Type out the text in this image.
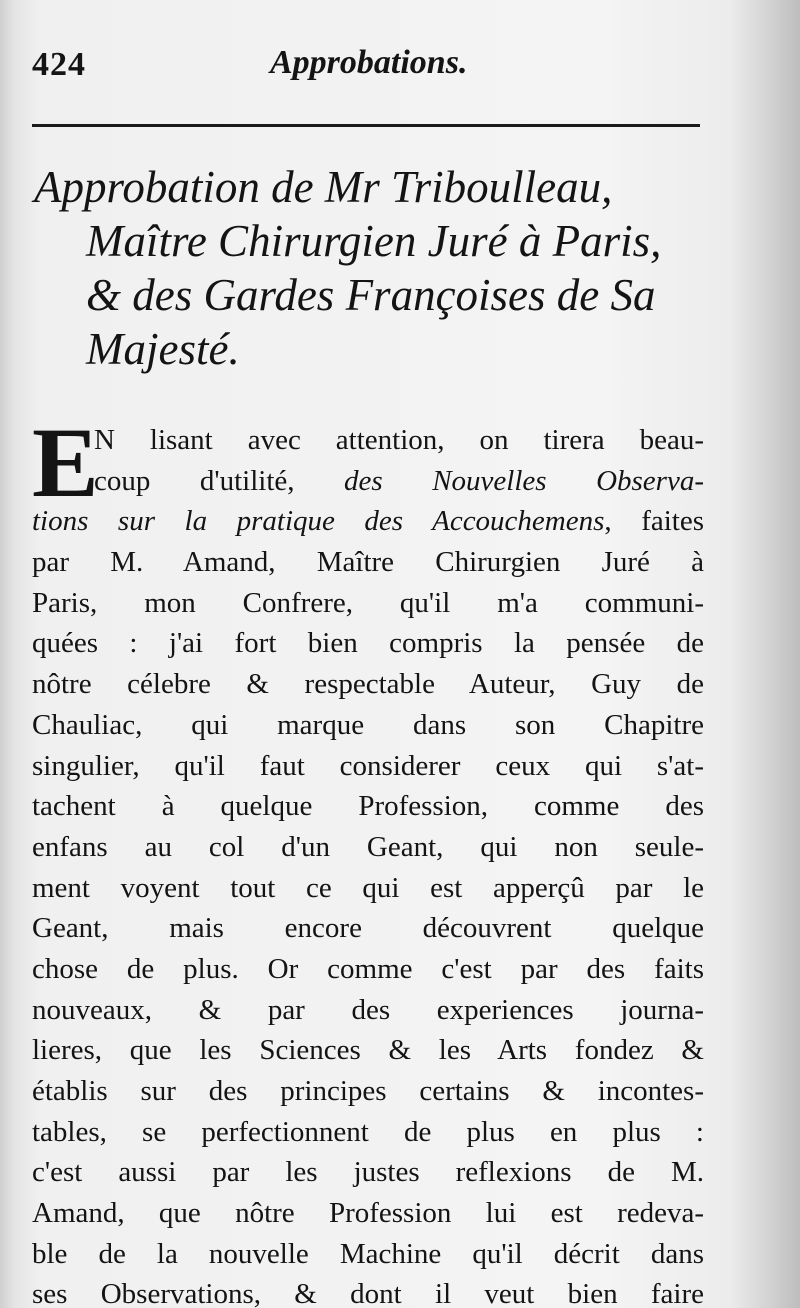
424	Approbations.
Approbation de Mr Triboulleau,
Maître Chirurgien Juré à Paris,
& des Gardes Françoises de Sa
Majesté.
E
N lisant avec attention, on tirera beau-
coup d'utilité, des Nouvelles Observa-
tions sur la pratique des Accouchemens, faites
par M. Amand, Maître Chirurgien Juré à
Paris, mon Confrere, qu'il m'a communi-
quées : j'ai fort bien compris la pensée de
nôtre célebre & respectable Auteur, Guy de
Chauliac, qui marque dans son Chapitre
singulier, qu'il faut considerer ceux qui s'at-
tachent à quelque Profession, comme des
enfans au col d'un Geant, qui non seule-
ment voyent tout ce qui est apperçû par le
Geant, mais encore découvrent quelque
chose de plus. Or comme c'est par des faits
nouveaux, & par des experiences journa-
lieres, que les Sciences & les Arts fondez &
établis sur des principes certains & incontes-
tables, se perfectionnent de plus en plus :
c'est aussi par les justes reflexions de M.
Amand, que nôtre Profession lui est redeva-
ble de la nouvelle Machine qu'il décrit dans
ses Observations, & dont il veut bien faire
